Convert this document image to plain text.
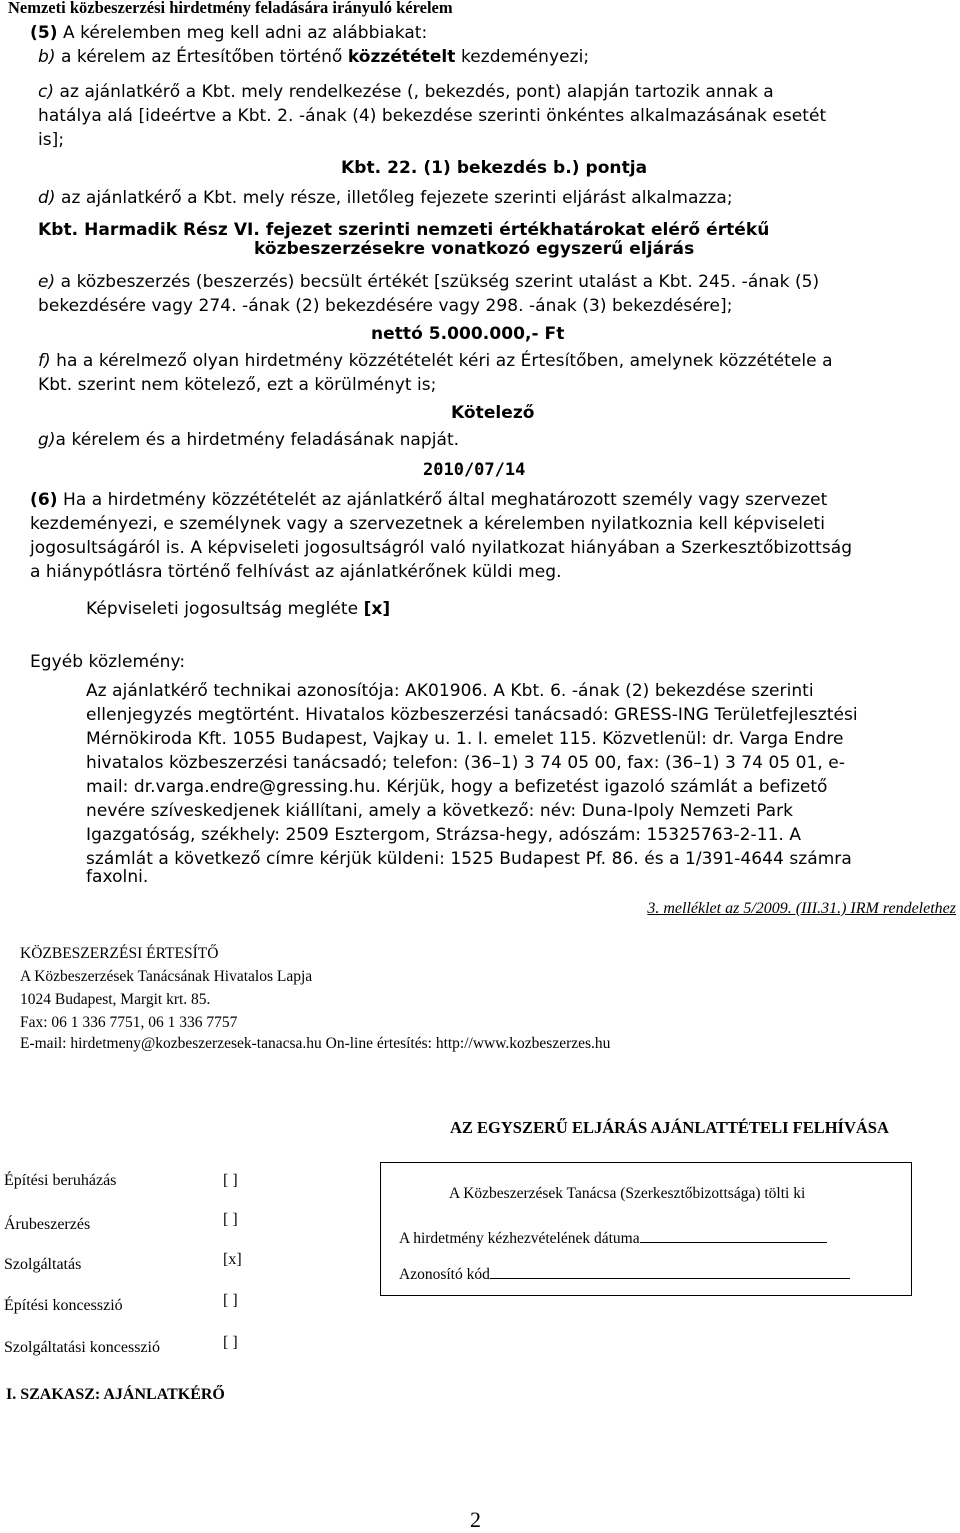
Nemzeti közbeszerzési hirdetmény feladására irányuló kérelem
(5) A kérelemben meg kell adni az alábbiakat:
b) a kérelem az Értesítőben történő közzétételt kezdeményezi;
c) az ajánlatkérő a Kbt. mely rendelkezése (, bekezdés, pont) alapján tartozik annak a
hatálya alá [ideértve a Kbt. 2. -ának (4) bekezdése szerinti önkéntes alkalmazásának esetét
is];
Kbt. 22. (1) bekezdés b.) pontja
d) az ajánlatkérő a Kbt. mely része, illetőleg fejezete szerinti eljárást alkalmazza;
Kbt. Harmadik Rész VI. fejezet szerinti nemzeti értékhatárokat elérő értékű
közbeszerzésekre vonatkozó egyszerű eljárás
e) a közbeszerzés (beszerzés) becsült értékét [szükség szerint utalást a Kbt. 245. -ának (5)
bekezdésére vagy 274. -ának (2) bekezdésére vagy 298. -ának (3) bekezdésére];
nettó 5.000.000,- Ft
f) ha a kérelmező olyan hirdetmény közzétételét kéri az Értesítőben, amelynek közzététele a
Kbt. szerint nem kötelező, ezt a körülményt is;
Kötelező
g)a kérelem és a hirdetmény feladásának napját.
2010/07/14
(6) Ha a hirdetmény közzétételét az ajánlatkérő által meghatározott személy vagy szervezet
kezdeményezi, e személynek vagy a szervezetnek a kérelemben nyilatkoznia kell képviseleti
jogosultságáról is. A képviseleti jogosultságról való nyilatkozat hiányában a Szerkesztőbizottság
a hiánypótlásra történő felhívást az ajánlatkérőnek küldi meg.
Képviseleti jogosultság megléte [x]
Egyéb közlemény:
Az ajánlatkérő technikai azonosítója: AK01906. A Kbt. 6. -ának (2) bekezdése szerinti
ellenjegyzés megtörtént. Hivatalos közbeszerzési tanácsadó: GRESS-ING Területfejlesztési
Mérnökiroda Kft. 1055 Budapest, Vajkay u. 1. I. emelet 115. Közvetlenül: dr. Varga Endre
hivatalos közbeszerzési tanácsadó; telefon: (36–1) 3 74 05 00, fax: (36–1) 3 74 05 01, e-
mail: dr.varga.endre@gressing.hu. Kérjük, hogy a befizetést igazoló számlát a befizető
nevére szíveskedjenek kiállítani, amely a következő: név: Duna-Ipoly Nemzeti Park
Igazgatóság, székhely: 2509 Esztergom, Strázsa-hegy, adószám: 15325763-2-11. A
számlát a következő címre kérjük küldeni: 1525 Budapest Pf. 86. és a 1/391-4644 számra
faxolni.
3. melléklet az 5/2009. (III.31.) IRM rendelethez
KÖZBESZERZÉSI ÉRTESÍTŐ
A Közbeszerzések Tanácsának Hivatalos Lapja
1024 Budapest, Margit krt. 85.
Fax: 06 1 336 7751, 06 1 336 7757
E-mail: hirdetmeny@kozbeszerzesek-tanacsa.hu On-line értesítés: http://www.kozbeszerzes.hu
AZ EGYSZERŰ ELJÁRÁS AJÁNLATTÉTELI FELHÍVÁSA
Építési beruházás	[ ]
Árubeszerzés	[ ]
Szolgáltatás	[x]
Építési koncesszió	[ ]
Szolgáltatási koncesszió	[ ]
A Közbeszerzések Tanácsa (Szerkesztőbizottsága) tölti ki
A hirdetmény kézhezvételének dátuma
Azonosító kód
I. SZAKASZ: AJÁNLATKÉRŐ
2
